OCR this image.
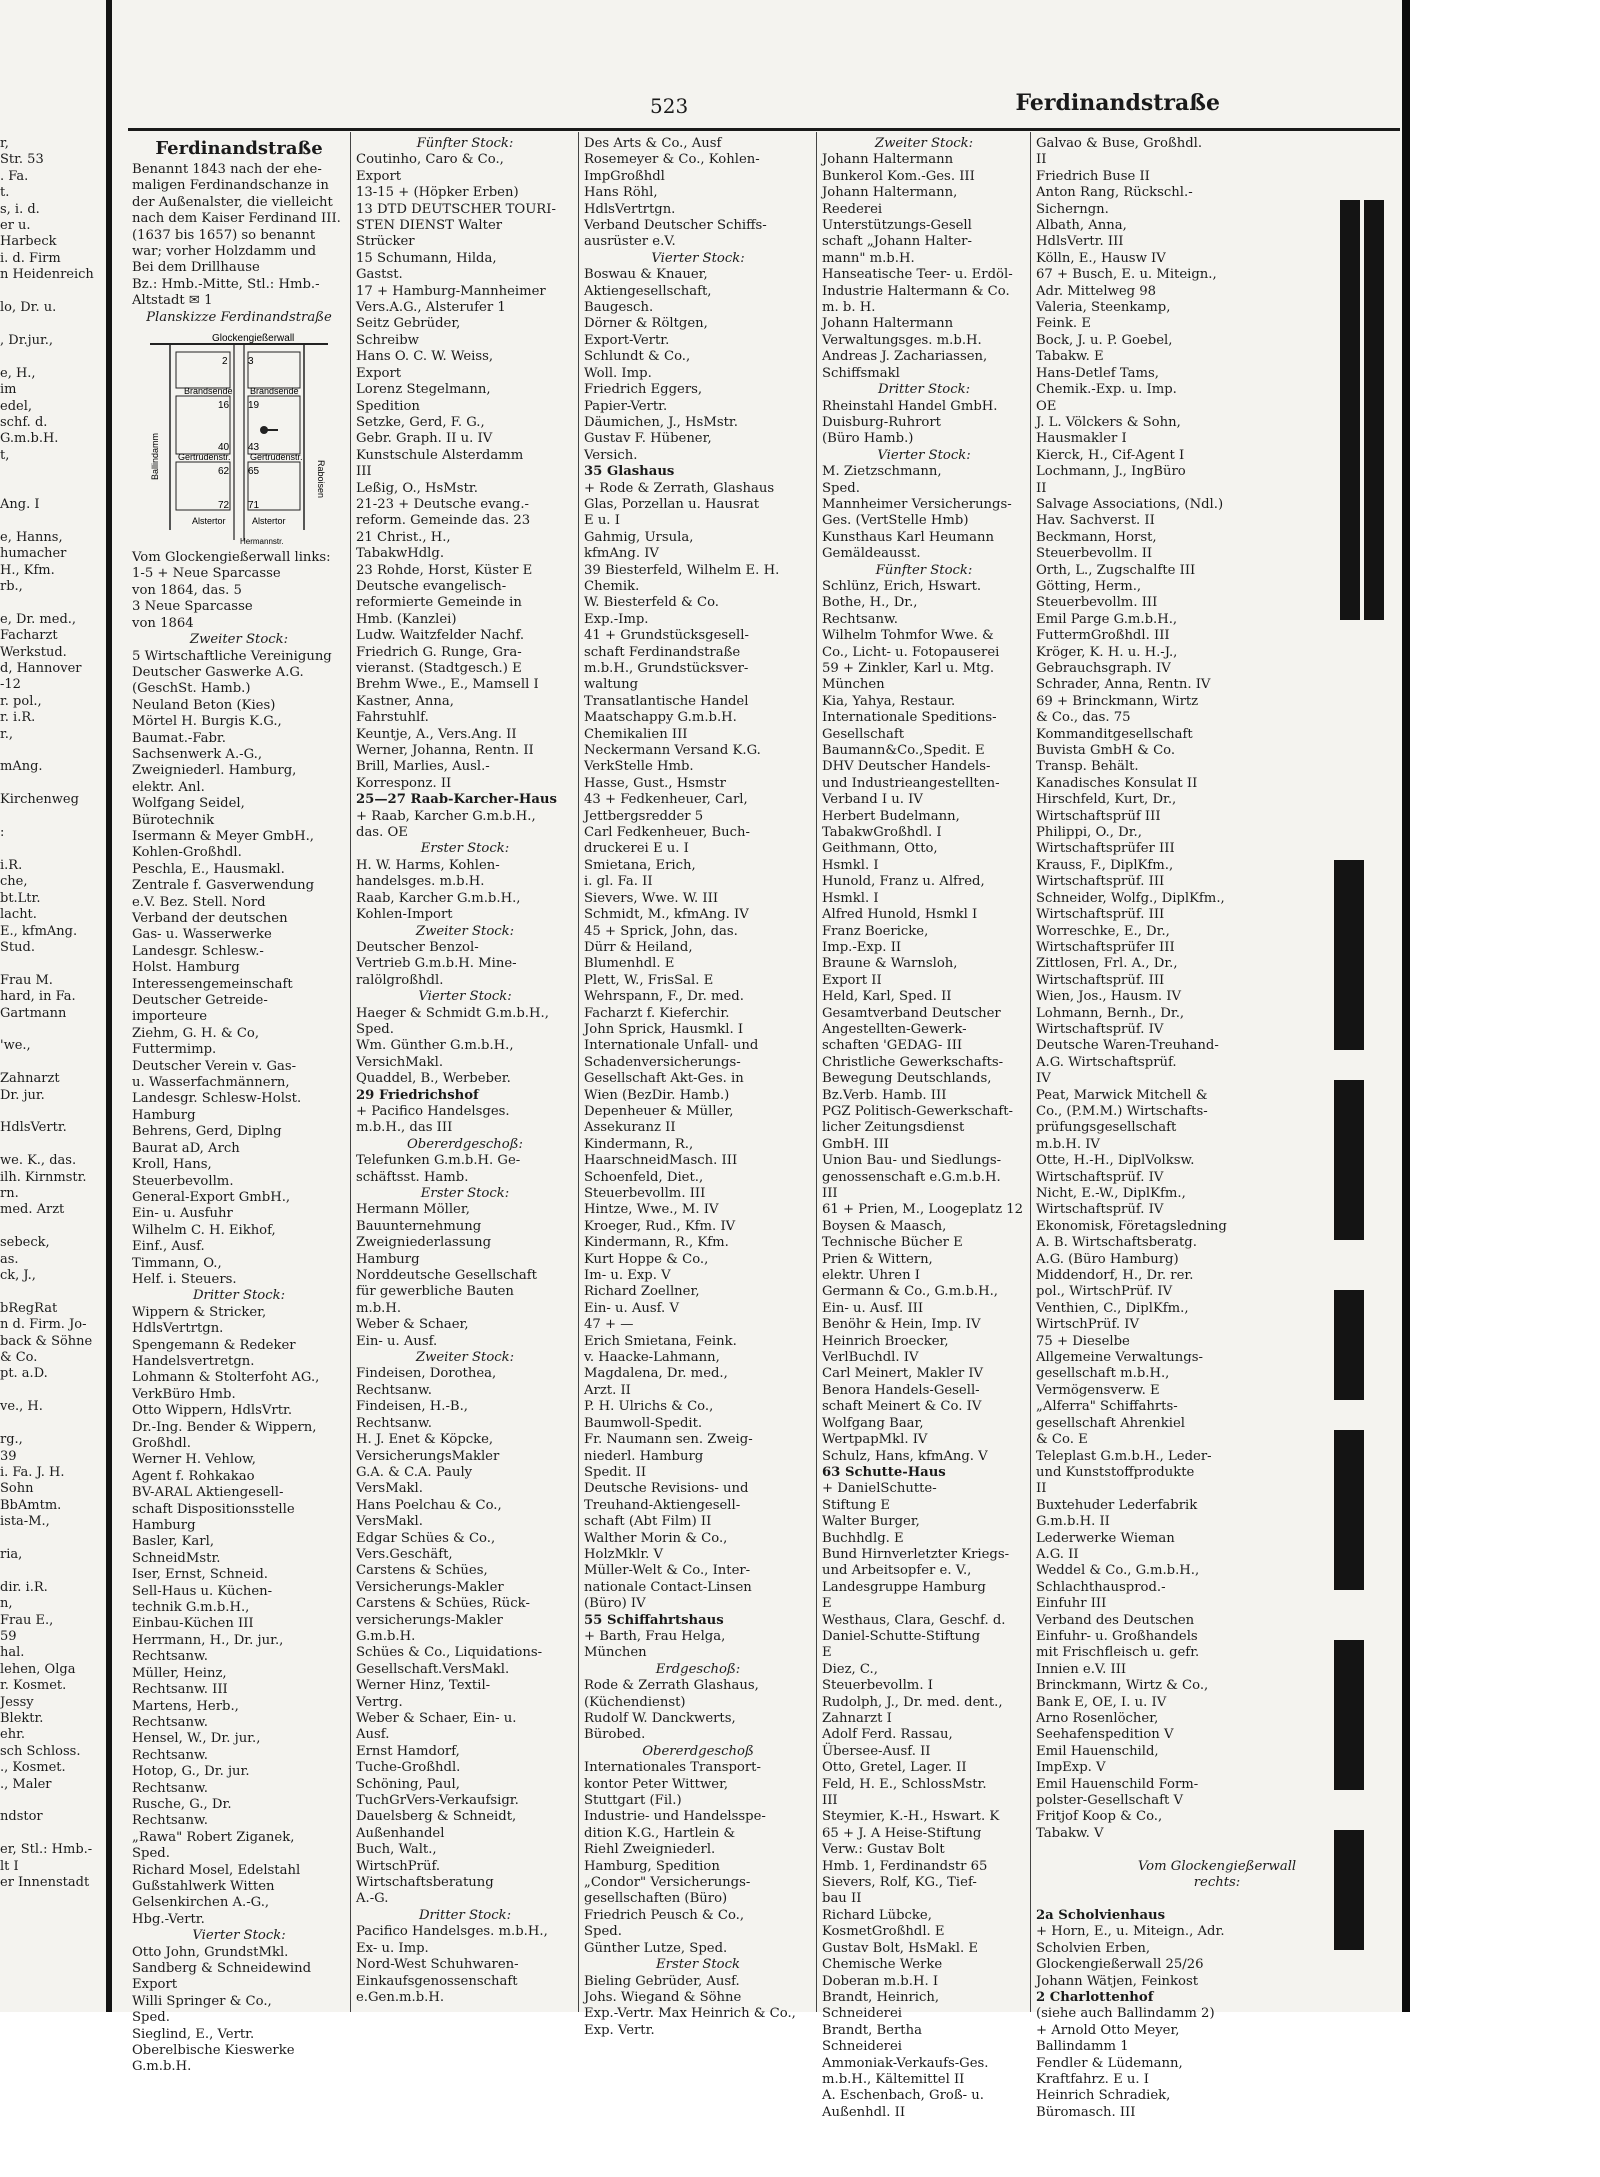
523	Ferdinandstraße
r,
Str. 53
. Fa.
t.
s, i. d.
er u.
Harbeck
i. d. Firm
n Heidenreich

lo, Dr. u.

, Dr.jur.,

e, H.,
im
edel,
schf. d.
G.m.b.H.
t,

Ang. I

e, Hanns,
humacher
H., Kfm.
rb.,

e, Dr. med.,
Facharzt
Werkstud.
d, Hannover
-12
r. pol.,
r. i.R.
r.,

mAng.

Kirchenweg

:

i.R.
che,
bt.Ltr.
lacht.
E., kfmAng.
Stud.

Frau M.
hard, in Fa.
Gartmann

'we.,

Zahnarzt
Dr. jur.

HdlsVertr.

we. K., das.
ilh. Kirnmstr.
rn.
med. Arzt

sebeck,
as.
ck, J.,

bRegRat
n d. Firm. Jo-
back & Söhne
& Co.
pt. a.D.

ve., H.

rg.,
39
i. Fa. J. H.
Sohn
BbAmtm.
ista-M.,

ria,

dir. i.R.
n,
Frau E.,
59
hal.
lehen, Olga
r. Kosmet.
Jessy
Blektr.
ehr.
sch Schloss.
., Kosmet.
., Maler

ndstor

er, Stl.: Hmb.-
lt I
er Innenstadt
Ferdinandstraße
Benannt 1843 nach der ehe-
maligen Ferdinandschanze in
der Außenalster, die vielleicht
nach dem Kaiser Ferdinand III.
(1637 bis 1657) so benannt
war; vorher Holzdamm und
Bei dem Drillhause
Bz.: Hmb.-Mitte, Stl.: Hmb.-
Altstadt ✉ 1
Planskizze Ferdinandstraße
Glockengießerwall
Brandsende Brandsende
Gertrudenstr. Gertrudenstr.
Alstertor	Alstertor
Ballindamm	Raboisen
Hermannstr.
2 3
16 19
40 43
62 65
72 71
Vom Glockengießerwall links:
1-5 + Neue Sparcasse
von 1864, das. 5
3 Neue Sparcasse
von 1864
Zweiter Stock:
5 Wirtschaftliche Vereinigung
Deutscher Gaswerke A.G.
(GeschSt. Hamb.)
Neuland Beton (Kies)
Mörtel H. Burgis K.G.,
Baumat.-Fabr.
Sachsenwerk A.-G.,
Zweigniederl. Hamburg,
elektr. Anl.
Wolfgang Seidel,
Bürotechnik
Isermann & Meyer GmbH.,
Kohlen-Großhdl.
Peschla, E., Hausmakl.
Zentrale f. Gasverwendung
e.V. Bez. Stell. Nord
Verband der deutschen
Gas- u. Wasserwerke
Landesgr. Schlesw.-
Holst. Hamburg
Interessengemeinschaft
Deutscher Getreide-
importeure
Ziehm, G. H. & Co,
Futtermimp.
Deutscher Verein v. Gas-
u. Wasserfachmännern,
Landesgr. Schlesw-Holst.
Hamburg
Behrens, Gerd, Diplng
Baurat aD, Arch
Kroll, Hans,
Steuerbevollm.
General-Export GmbH.,
Ein- u. Ausfuhr
Wilhelm C. H. Eikhof,
Einf., Ausf.
Timmann, O.,
Helf. i. Steuers.
Dritter Stock:
Wippern & Stricker,
HdlsVertrtgn.
Spengemann & Redeker
Handelsvertretgn.
Lohmann & Stolterfoht AG.,
VerkBüro Hmb.
Otto Wippern, HdlsVrtr.
Dr.-Ing. Bender & Wippern,
Großhdl.
Werner H. Vehlow,
Agent f. Rohkakao
BV-ARAL Aktiengesell-
schaft Dispositionsstelle
Hamburg
Basler, Karl,
SchneidMstr.
Iser, Ernst, Schneid.
Sell-Haus u. Küchen-
technik G.m.b.H.,
Einbau-Küchen III
Herrmann, H., Dr. jur.,
Rechtsanw.
Müller, Heinz,
Rechtsanw. III
Martens, Herb.,
Rechtsanw.
Hensel, W., Dr. jur.,
Rechtsanw.
Hotop, G., Dr. jur.
Rechtsanw.
Rusche, G., Dr.
Rechtsanw.
„Rawa" Robert Ziganek,
Sped.
Richard Mosel, Edelstahl
Gußstahlwerk Witten
Gelsenkirchen A.-G.,
Hbg.-Vertr.
Vierter Stock:
Otto John, GrundstMkl.
Sandberg & Schneidewind
Export
Willi Springer & Co.,
Sped.
Sieglind, E., Vertr.
Oberelbische Kieswerke
G.m.b.H.
Fünfter Stock:
Coutinho, Caro & Co.,
Export
13-15 + (Höpker Erben)
13 DTD DEUTSCHER TOURI-
STEN DIENST Walter
Strücker
15 Schumann, Hilda,
Gastst.
17 + Hamburg-Mannheimer
Vers.A.G., Alsterufer 1
Seitz Gebrüder,
Schreibw
Hans O. C. W. Weiss,
Export
Lorenz Stegelmann,
Spedition
Setzke, Gerd, F. G.,
Gebr. Graph. II u. IV
Kunstschule Alsterdamm
III
Leßig, O., HsMstr.
21-23 + Deutsche evang.-
reform. Gemeinde das. 23
21 Christ., H.,
TabakwHdlg.
23 Rohde, Horst, Küster E
Deutsche evangelisch-
reformierte Gemeinde in
Hmb. (Kanzlei)
Ludw. Waitzfelder Nachf.
Friedrich G. Runge, Gra-
vieranst. (Stadtgesch.) E
Brehm Wwe., E., Mamsell I
Kastner, Anna,
Fahrstuhlf.
Keuntje, A., Vers.Ang. II
Werner, Johanna, Rentn. II
Brill, Marlies, Ausl.-
Korresponz. II
25—27 Raab-Karcher-Haus
+ Raab, Karcher G.m.b.H.,
das. OE
Erster Stock:
H. W. Harms, Kohlen-
handelsges. m.b.H.
Raab, Karcher G.m.b.H.,
Kohlen-Import
Zweiter Stock:
Deutscher Benzol-
Vertrieb G.m.b.H. Mine-
ralölgroßhdl.
Vierter Stock:
Haeger & Schmidt G.m.b.H.,
Sped.
Wm. Günther G.m.b.H.,
VersichMakl.
Quaddel, B., Werbeber.
29 Friedrichshof
+ Pacifico Handelsges.
m.b.H., das III
Obererdgeschoß:
Telefunken G.m.b.H. Ge-
schäftsst. Hamb.
Erster Stock:
Hermann Möller,
Bauunternehmung
Zweigniederlassung
Hamburg
Norddeutsche Gesellschaft
für gewerbliche Bauten
m.b.H.
Weber & Schaer,
Ein- u. Ausf.
Zweiter Stock:
Findeisen, Dorothea,
Rechtsanw.
Findeisen, H.-B.,
Rechtsanw.
H. J. Enet & Köpcke,
VersicherungsMakler
G.A. & C.A. Pauly
VersMakl.
Hans Poelchau & Co.,
VersMakl.
Edgar Schües & Co.,
Vers.Geschäft,
Carstens & Schües,
Versicherungs-Makler
Carstens & Schües, Rück-
versicherungs-Makler
G.m.b.H.
Schües & Co., Liquidations-
Gesellschaft.VersMakl.
Werner Hinz, Textil-
Vertrg.
Weber & Schaer, Ein- u.
Ausf.
Ernst Hamdorf,
Tuche-Großhdl.
Schöning, Paul,
TuchGrVers-Verkaufsigr.
Dauelsberg & Schneidt,
Außenhandel
Buch, Walt.,
WirtschPrüf.
Wirtschaftsberatung
A.-G.
Dritter Stock:
Pacifico Handelsges. m.b.H.,
Ex- u. Imp.
Nord-West Schuhwaren-
Einkaufsgenossenschaft
e.Gen.m.b.H.
Des Arts & Co., Ausf
Rosemeyer & Co., Kohlen-
ImpGroßhdl
Hans Röhl,
HdlsVertrtgn.
Verband Deutscher Schiffs-
ausrüster e.V.
Vierter Stock:
Boswau & Knauer,
Aktiengesellschaft,
Baugesch.
Dörner & Röltgen,
Export-Vertr.
Schlundt & Co.,
Woll. Imp.
Friedrich Eggers,
Papier-Vertr.
Däumichen, J., HsMstr.
Gustav F. Hübener,
Versich.
35 Glashaus
+ Rode & Zerrath, Glashaus
Glas, Porzellan u. Hausrat
E u. I
Gahmig, Ursula,
kfmAng. IV
39 Biesterfeld, Wilhelm E. H.
Chemik.
W. Biesterfeld & Co.
Exp.-Imp.
41 + Grundstücksgesell-
schaft Ferdinandstraße
m.b.H., Grundstücksver-
waltung
Transatlantische Handel
Maatschappy G.m.b.H.
Chemikalien III
Neckermann Versand K.G.
VerkStelle Hmb.
Hasse, Gust., Hsmstr
43 + Fedkenheuer, Carl,
Jettbergsredder 5
Carl Fedkenheuer, Buch-
druckerei E u. I
Smietana, Erich,
i. gl. Fa. II
Sievers, Wwe. W. III
Schmidt, M., kfmAng. IV
45 + Sprick, John, das.
Dürr & Heiland,
Blumenhdl. E
Plett, W., FrisSal. E
Wehrspann, F., Dr. med.
Facharzt f. Kieferchir.
John Sprick, Hausmkl. I
Internationale Unfall- und
Schadenversicherungs-
Gesellschaft Akt-Ges. in
Wien (BezDir. Hamb.)
Depenheuer & Müller,
Assekuranz II
Kindermann, R.,
HaarschneidMasch. III
Schoenfeld, Diet.,
Steuerbevollm. III
Hintze, Wwe., M. IV
Kroeger, Rud., Kfm. IV
Kindermann, R., Kfm.
Kurt Hoppe & Co.,
Im- u. Exp. V
Richard Zoellner,
Ein- u. Ausf. V
47 + —
Erich Smietana, Feink.
v. Haacke-Lahmann,
Magdalena, Dr. med.,
Arzt. II
P. H. Ulrichs & Co.,
Baumwoll-Spedit.
Fr. Naumann sen. Zweig-
niederl. Hamburg
Spedit. II
Deutsche Revisions- und
Treuhand-Aktiengesell-
schaft (Abt Film) II
Walther Morin & Co.,
HolzMklr. V
Müller-Welt & Co., Inter-
nationale Contact-Linsen
(Büro) IV
55 Schiffahrtshaus
+ Barth, Frau Helga,
München
Erdgeschoß:
Rode & Zerrath Glashaus,
(Küchendienst)
Rudolf W. Danckwerts,
Bürobed.
Obererdgeschoß
Internationales Transport-
kontor Peter Wittwer,
Stuttgart (Fil.)
Industrie- und Handelsspe-
dition K.G., Hartlein &
Riehl Zweigniederl.
Hamburg, Spedition
„Condor" Versicherungs-
gesellschaften (Büro)
Friedrich Peusch & Co.,
Sped.
Günther Lutze, Sped.
Erster Stock
Bieling Gebrüder, Ausf.
Johs. Wiegand & Söhne
Exp.-Vertr. Max Heinrich & Co.,
Exp. Vertr.
Zweiter Stock:
Johann Haltermann
Bunkerol Kom.-Ges. III
Johann Haltermann,
Reederei
Unterstützungs-Gesell
schaft „Johann Halter-
mann" m.b.H.
Hanseatische Teer- u. Erdöl-
Industrie Haltermann & Co.
m. b. H.
Johann Haltermann
Verwaltungsges. m.b.H.
Andreas J. Zachariassen,
Schiffsmakl
Dritter Stock:
Rheinstahl Handel GmbH.
Duisburg-Ruhrort
(Büro Hamb.)
Vierter Stock:
M. Zietzschmann,
Sped.
Mannheimer Versicherungs-
Ges. (VertStelle Hmb)
Kunsthaus Karl Heumann
Gemäldeausst.
Fünfter Stock:
Schlünz, Erich, Hswart.
Bothe, H., Dr.,
Rechtsanw.
Wilhelm Tohmfor Wwe. &
Co., Licht- u. Fotopauserei
59 + Zinkler, Karl u. Mtg.
München
Kia, Yahya, Restaur.
Internationale Speditions-
Gesellschaft
Baumann&Co.,Spedit. E
DHV Deutscher Handels-
und Industrieangestellten-
Verband I u. IV
Herbert Budelmann,
TabakwGroßhdl. I
Geithmann, Otto,
Hsmkl. I
Hunold, Franz u. Alfred,
Hsmkl. I
Alfred Hunold, Hsmkl I
Franz Boericke,
Imp.-Exp. II
Braune & Warnsloh,
Export II
Held, Karl, Sped. II
Gesamtverband Deutscher
Angestellten-Gewerk-
schaften 'GEDAG- III
Christliche Gewerkschafts-
Bewegung Deutschlands,
Bz.Verb. Hamb. III
PGZ Politisch-Gewerkschaft-
licher Zeitungsdienst
GmbH. III
Union Bau- und Siedlungs-
genossenschaft e.G.m.b.H.
III
61 + Prien, M., Loogeplatz 12
Boysen & Maasch,
Technische Bücher E
Prien & Wittern,
elektr. Uhren I
Germann & Co., G.m.b.H.,
Ein- u. Ausf. III
Benöhr & Hein, Imp. IV
Heinrich Broecker,
VerlBuchdl. IV
Carl Meinert, Makler IV
Benora Handels-Gesell-
schaft Meinert & Co. IV
Wolfgang Baar,
WertpapMkl. IV
Schulz, Hans, kfmAng. V
63 Schutte-Haus
+ DanielSchutte-
Stiftung E
Walter Burger,
Buchhdlg. E
Bund Hirnverletzter Kriegs-
und Arbeitsopfer e. V.,
Landesgruppe Hamburg
E
Westhaus, Clara, Geschf. d.
Daniel-Schutte-Stiftung
E
Diez, C.,
Steuerbevollm. I
Rudolph, J., Dr. med. dent.,
Zahnarzt I
Adolf Ferd. Rassau,
Übersee-Ausf. II
Otto, Gretel, Lager. II
Feld, H. E., SchlossMstr.
III
Steymier, K.-H., Hswart. K
65 + J. A Heise-Stiftung
Verw.: Gustav Bolt
Hmb. 1, Ferdinandstr 65
Sievers, Rolf, KG., Tief-
bau II
Richard Lübcke,
KosmetGroßhdl. E
Gustav Bolt, HsMakl. E
Chemische Werke
Doberan m.b.H. I
Brandt, Heinrich,
Schneiderei
Brandt, Bertha
Schneiderei
Ammoniak-Verkaufs-Ges.
m.b.H., Kältemittel II
A. Eschenbach, Groß- u.
Außenhdl. II
Galvao & Buse, Großhdl.
II
Friedrich Buse II
Anton Rang, Rückschl.-
Sicherngn.
Albath, Anna,
HdlsVertr. III
Kölln, E., Hausw IV
67 + Busch, E. u. Miteign.,
Adr. Mittelweg 98
Valeria, Steenkamp,
Feink. E
Bock, J. u. P. Goebel,
Tabakw. E
Hans-Detlef Tams,
Chemik.-Exp. u. Imp.
OE
J. L. Völckers & Sohn,
Hausmakler I
Kierck, H., Cif-Agent I
Lochmann, J., IngBüro
II
Salvage Associations, (Ndl.)
Hav. Sachverst. II
Beckmann, Horst,
Steuerbevollm. II
Orth, L., Zugschalfte III
Götting, Herm.,
Steuerbevollm. III
Emil Parge G.m.b.H.,
FuttermGroßhdl. III
Kröger, K. H. u. H.-J.,
Gebrauchsgraph. IV
Schrader, Anna, Rentn. IV
69 + Brinckmann, Wirtz
& Co., das. 75
Kommanditgesellschaft
Buvista GmbH & Co.
Transp. Behält.
Kanadisches Konsulat II
Hirschfeld, Kurt, Dr.,
Wirtschaftsprüf III
Philippi, O., Dr.,
Wirtschaftsprüfer III
Krauss, F., DiplKfm.,
Wirtschaftsprüf. III
Schneider, Wolfg., DiplKfm.,
Wirtschaftsprüf. III
Worreschke, E., Dr.,
Wirtschaftsprüfer III
Zittlosen, Frl. A., Dr.,
Wirtschaftsprüf. III
Wien, Jos., Hausm. IV
Lohmann, Bernh., Dr.,
Wirtschaftsprüf. IV
Deutsche Waren-Treuhand-
A.G. Wirtschaftsprüf.
IV
Peat, Marwick Mitchell &
Co., (P.M.M.) Wirtschafts-
prüfungsgesellschaft
m.b.H. IV
Otte, H.-H., DiplVolksw.
Wirtschaftsprüf. IV
Nicht, E.-W., DiplKfm.,
Wirtschaftsprüf. IV
Ekonomisk, Företagsledning
A. B. Wirtschaftsberatg.
A.G. (Büro Hamburg)
Middendorf, H., Dr. rer.
pol., WirtschPrüf. IV
Venthien, C., DiplKfm.,
WirtschPrüf. IV
75 + Dieselbe
Allgemeine Verwaltungs-
gesellschaft m.b.H.,
Vermögensverw. E
„Alferra" Schiffahrts-
gesellschaft Ahrenkiel
& Co. E
Teleplast G.m.b.H., Leder-
und Kunststoffprodukte
II
Buxtehuder Lederfabrik
G.m.b.H. II
Lederwerke Wieman
A.G. II
Weddel & Co., G.m.b.H.,
Schlachthausprod.-
Einfuhr III
Verband des Deutschen
Einfuhr- u. Großhandels
mit Frischfleisch u. gefr.
Innien e.V. III
Brinckmann, Wirtz & Co.,
Bank E, OE, I. u. IV
Arno Rosenlöcher,
Seehafenspedition V
Emil Hauenschild,
ImpExp. V
Emil Hauenschild Form-
polster-Gesellschaft V
Fritjof Koop & Co.,
Tabakw. V

Vom Glockengießerwall
rechts:

2a Scholvienhaus
+ Horn, E., u. Miteign., Adr.
Scholvien Erben,
Glockengießerwall 25/26
Johann Wätjen, Feinkost
2 Charlottenhof
(siehe auch Ballindamm 2)
+ Arnold Otto Meyer,
Ballindamm 1
Fendler & Lüdemann,
Kraftfahrz. E u. I
Heinrich Schradiek,
Büromasch. III
